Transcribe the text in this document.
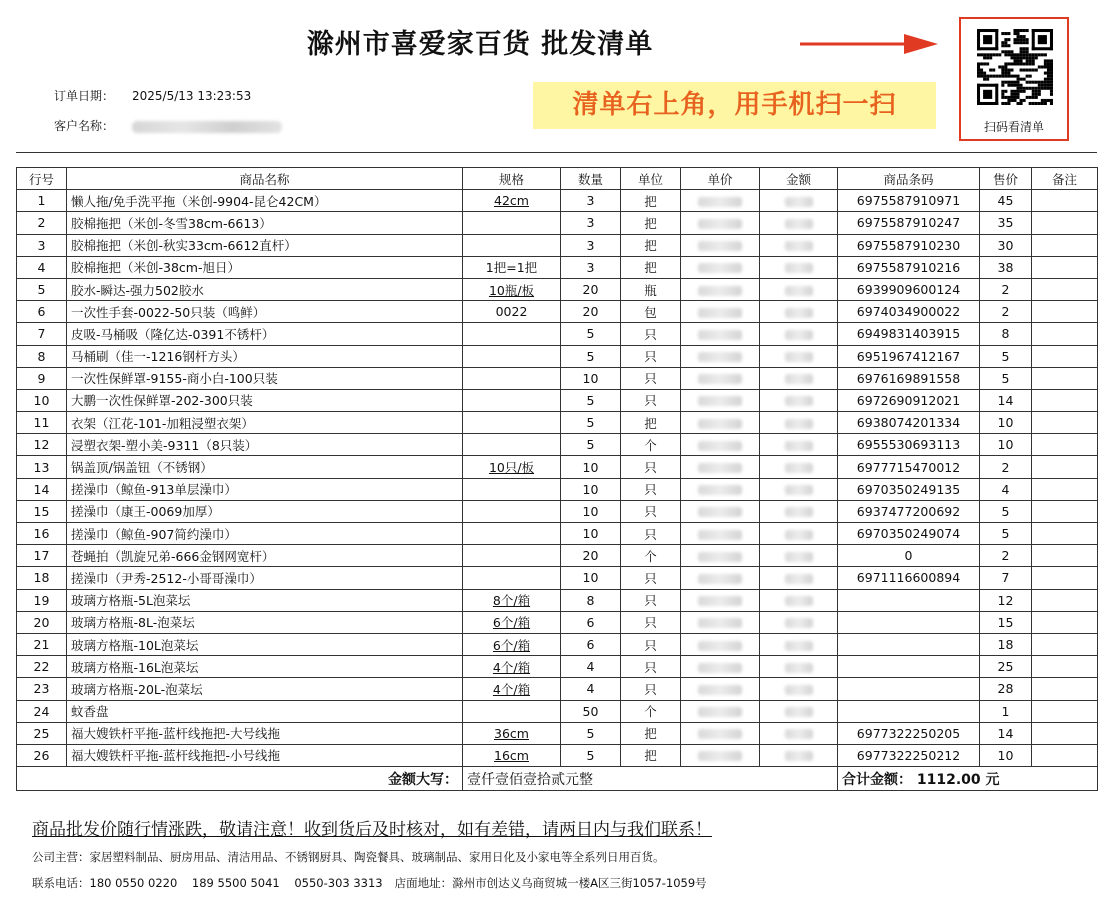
滁州市喜爱家百货 批发清单
订单日期： 2025/5/13 13:23:53
客户名称：
清单右上角，用手机扫一扫
扫码看清单
行号	商品名称	规格	数量	单位	单价	金额	商品条码	售价	备注
1	懒人拖/免手洗平拖（米创-9904-昆仑42CM）	42cm	3	把			6975587910971	45	
2	胶棉拖把（米创-冬雪38cm-6613）		3	把			6975587910247	35	
3	胶棉拖把（米创-秋实33cm-6612直杆）		3	把			6975587910230	30	
4	胶棉拖把（米创-38cm-旭日）	1把=1把	3	把			6975587910216	38	
5	胶水-瞬达-强力502胶水	10瓶/板	20	瓶			6939909600124	2	
6	一次性手套-0022-50只装（鸣鲜）	0022	20	包			6974034900022	2	
7	皮吸-马桶吸（隆亿达-0391不锈杆）		5	只			6949831403915	8	
8	马桶刷（佳一-1216钢杆方头）		5	只			6951967412167	5	
9	一次性保鲜罩-9155-商小白-100只装		10	只			6976169891558	5	
10	大鹏一次性保鲜罩-202-300只装		5	只			6972690912021	14	
11	衣架（江花-101-加粗浸塑衣架）		5	把			6938074201334	10	
12	浸塑衣架-塑小美-9311（8只装）		5	个			6955530693113	10	
13	锅盖顶/锅盖钮（不锈钢）	10只/板	10	只			6977715470012	2	
14	搓澡巾（鲸鱼-913单层澡巾）		10	只			6970350249135	4	
15	搓澡巾（康王-0069加厚）		10	只			6937477200692	5	
16	搓澡巾（鲸鱼-907简约澡巾）		10	只			6970350249074	5	
17	苍蝇拍（凯旋兄弟-666金钢网宽杆）		20	个			0	2	
18	搓澡巾（尹秀-2512-小哥哥澡巾）		10	只			6971116600894	7	
19	玻璃方格瓶-5L泡菜坛	8个/箱	8	只				12	
20	玻璃方格瓶-8L-泡菜坛	6个/箱	6	只				15	
21	玻璃方格瓶-10L泡菜坛	6个/箱	6	只				18	
22	玻璃方格瓶-16L泡菜坛	4个/箱	4	只				25	
23	玻璃方格瓶-20L-泡菜坛	4个/箱	4	只				28	
24	蚊香盘		50	个				1	
25	福大嫂铁杆平拖-蓝杆线拖把-大号线拖	36cm	5	把			6977322250205	14	
26	福大嫂铁杆平拖-蓝杆线拖把-小号线拖	16cm	5	把			6977322250212	10	
金额大写：		壹仟壹佰壹拾贰元整					合计金额： 1112.00 元		
商品批发价随行情涨跌，敬请注意！收到货后及时核对，如有差错，请两日内与我们联系！
公司主营：家居塑料制品、厨房用品、清洁用品、不锈钢厨具、陶瓷餐具、玻璃制品、家用日化及小家电等全系列日用百货。
联系电话：180 0550 0220    189 5500 5041    0550-303 3313 店面地址：滁州市创达义乌商贸城一楼A区三街1057-1059号
